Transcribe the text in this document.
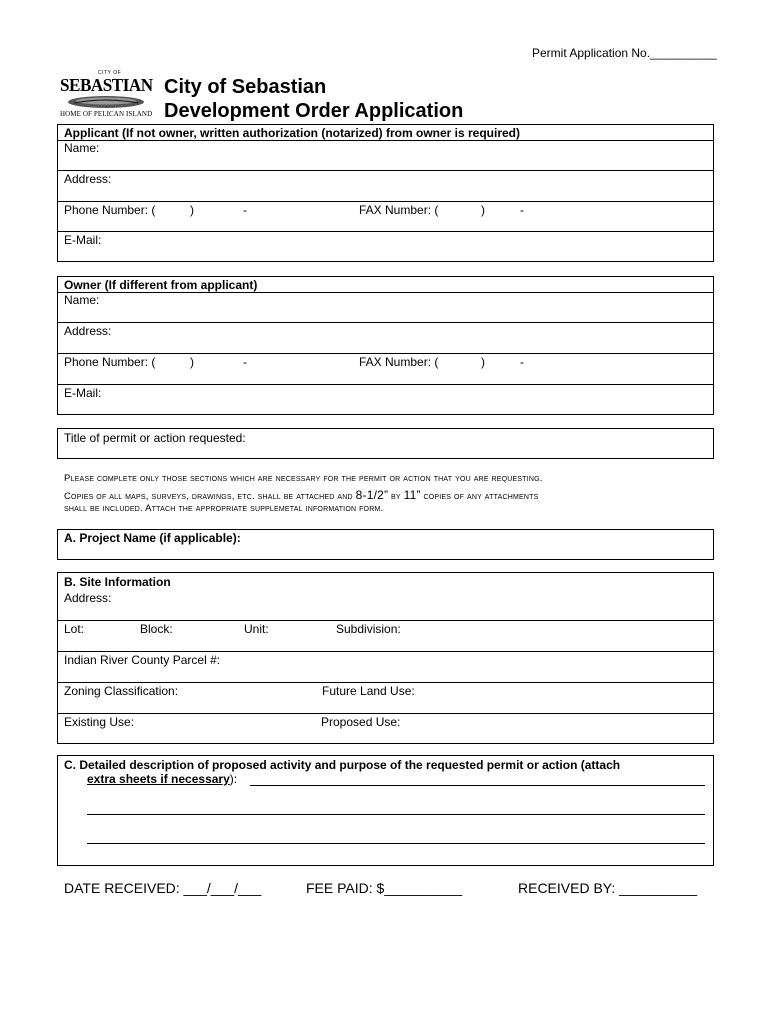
Permit Application No.__________
CITY OF
SEBASTIAN
HOME OF PELICAN ISLAND
City of Sebastian
Development Order Application
Applicant (If not owner, written authorization (notarized) from owner is required)
Name:
Address:
Phone Number: (	)	-	FAX Number: (	)	-
E-Mail:
Owner (If different from applicant)
Name:
Address:
Phone Number: (	)	-	FAX Number: (	)	-
E-Mail:
Title of permit or action requested:
Please complete only those sections which are necessary for the permit or action that you are requesting.
Copies of all maps, surveys, drawings, etc. shall be attached and 8-1/2” by 11” copies of any attachments
shall be included. Attach the appropriate supplemetal information form.
A. Project Name (if applicable):
B. Site Information
Address:
Lot:	Block:	Unit:	Subdivision:
Indian River County Parcel #:
Zoning Classification:	Future Land Use:
Existing Use:	Proposed Use:
C. Detailed description of proposed activity and purpose of the requested permit or action (attach
extra sheets if necessary):
DATE RECEIVED: ___/___/___	FEE PAID: $__________	RECEIVED BY: __________
